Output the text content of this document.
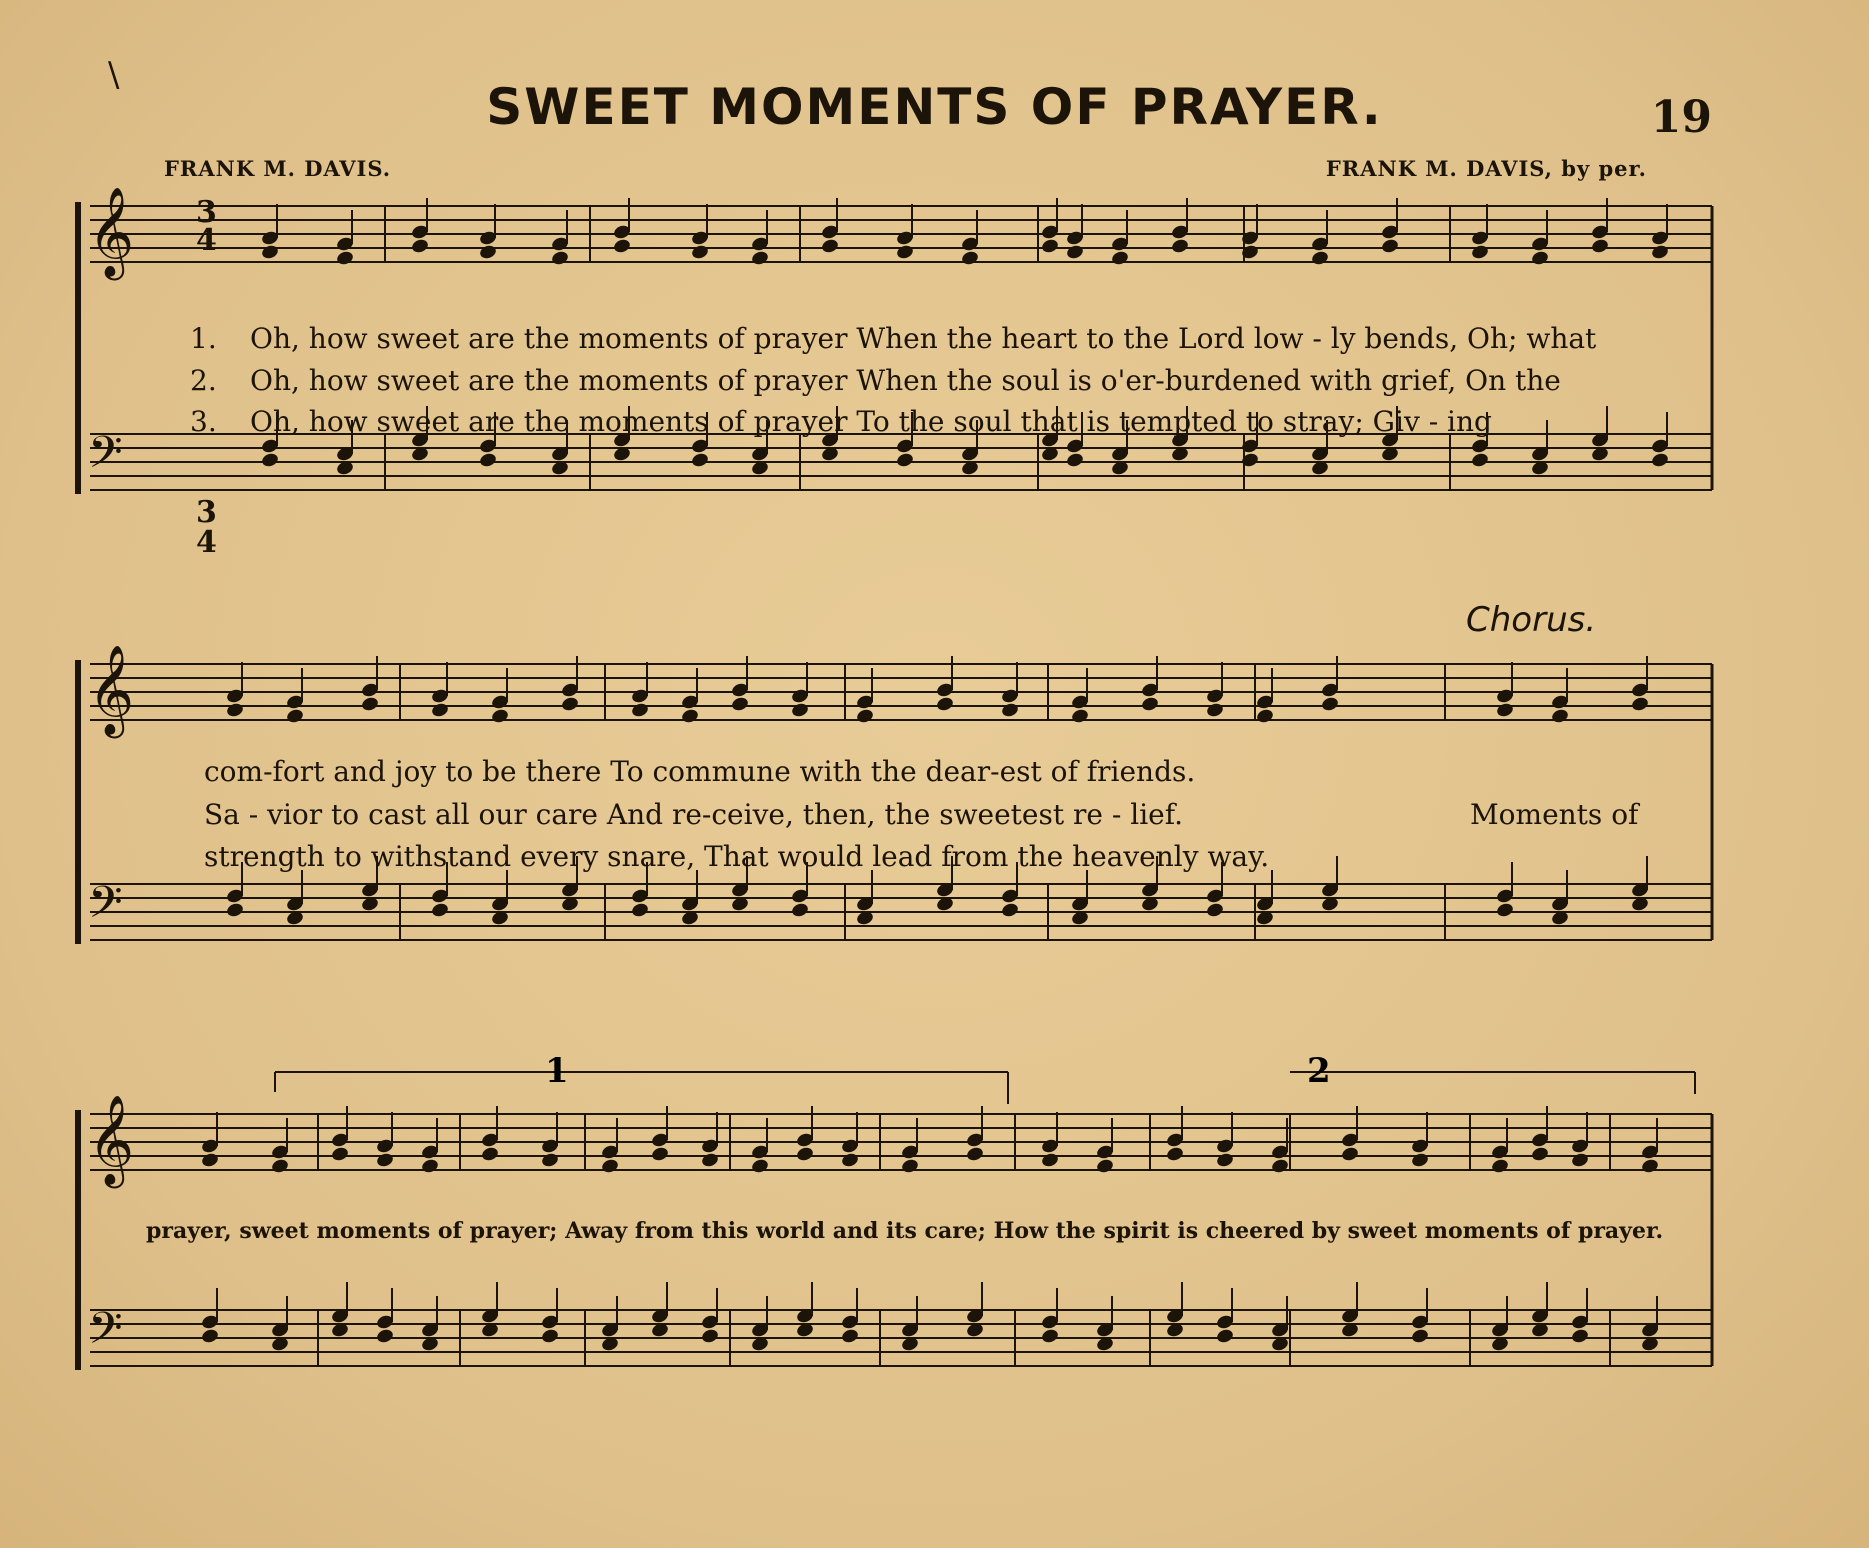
\
SWEET MOMENTS OF PRAYER.	19
FRANK M. DAVIS.	FRANK M. DAVIS, by per.
𝄞
𝄢
𝄞
𝄢
𝄞
𝄢
3
4
3
4
1	2
Chorus.
1. Oh, how sweet are the moments of prayer When the heart to the Lord low - ly bends, Oh; what
2. Oh, how sweet are the moments of prayer When the soul is o'er-burdened with grief, On the
3. Oh, how sweet are the moments of prayer To the soul that is tempted to stray; Giv - ing
com-fort and joy to be there To commune with the dear-est of friends.
Sa - vior to cast all our care And re-ceive, then, the sweetest re - lief.
strength to withstand every snare, That would lead from the heavenly way.
Moments of
prayer, sweet moments of prayer; Away from this world and its care; How the spirit is cheered by sweet moments of prayer.
